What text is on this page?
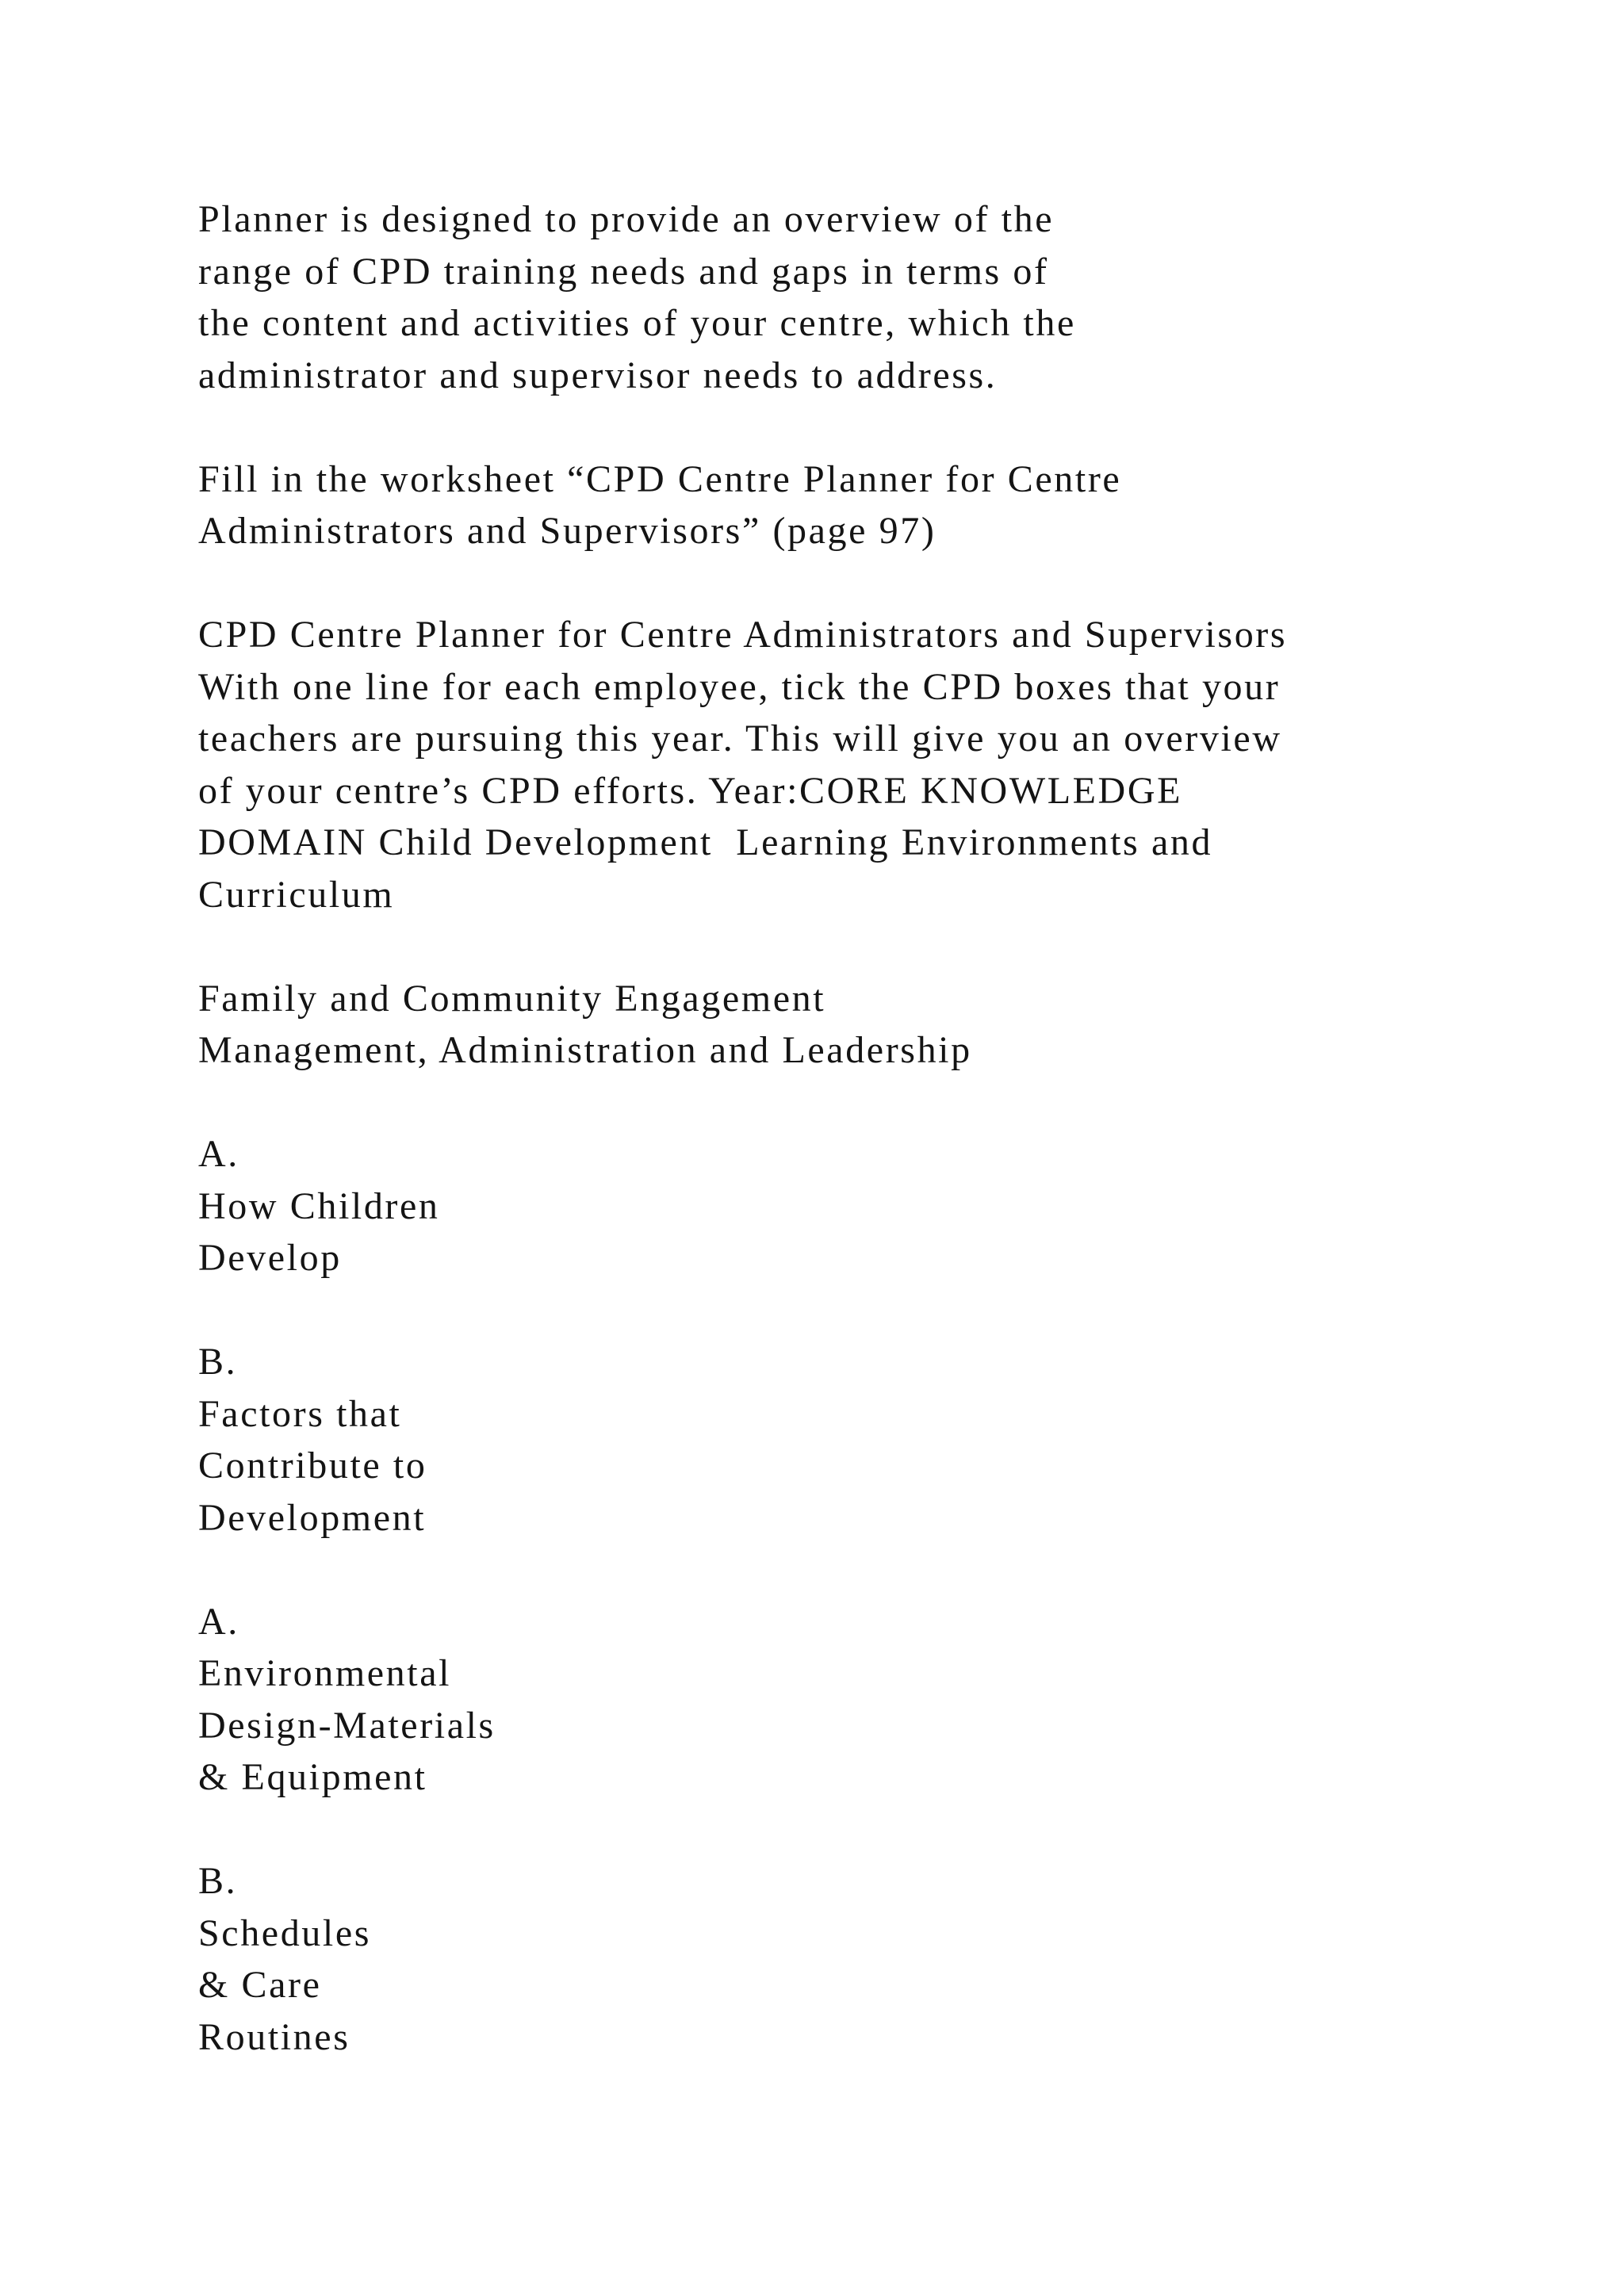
Planner is designed to provide an overview of the
range of CPD training needs and gaps in terms of
the content and activities of your centre, which the
administrator and supervisor needs to address.
Fill in the worksheet “CPD Centre Planner for Centre
Administrators and Supervisors” (page 97)
CPD Centre Planner for Centre Administrators and Supervisors
With one line for each employee, tick the CPD boxes that your
teachers are pursuing this year. This will give you an overview
of your centre’s CPD efforts. Year:CORE KNOWLEDGE
DOMAIN Child Development  Learning Environments and
Curriculum
Family and Community Engagement
Management, Administration and Leadership
A.
How Children
Develop
B.
Factors that
Contribute to
Development
A.
Environmental
Design-Materials
& Equipment
B.
Schedules
& Care
Routines
